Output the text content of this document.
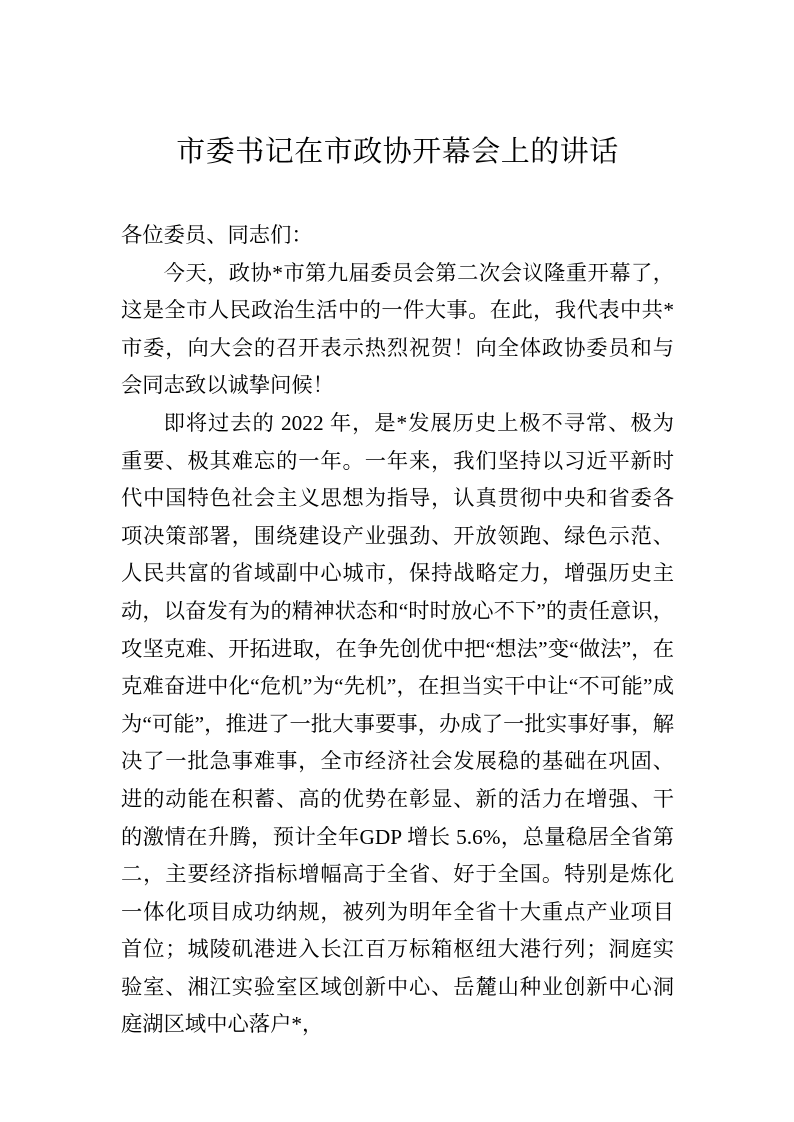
市委书记在市政协开幕会上的讲话

各位委员、同志们：

今天，政协*市第九届委员会第二次会议隆重开幕了，这是全市人民政治生活中的一件大事。在此，我代表中共*市委，向大会的召开表示热烈祝贺！向全体政协委员和与会同志致以诚挚问候！

即将过去的 2022 年，是*发展历史上极不寻常、极为重要、极其难忘的一年。一年来，我们坚持以习近平新时代中国特色社会主义思想为指导，认真贯彻中央和省委各项决策部署，围绕建设产业强劲、开放领跑、绿色示范、人民共富的省域副中心城市，保持战略定力，增强历史主动，以奋发有为的精神状态和“时时放心不下”的责任意识，攻坚克难、开拓进取，在争先创优中把“想法”变“做法”，在克难奋进中化“危机”为“先机”，在担当实干中让“不可能”成为“可能”，推进了一批大事要事，办成了一批实事好事，解决了一批急事难事，全市经济社会发展稳的基础在巩固、进的动能在积蓄、高的优势在彰显、新的活力在增强、干的激情在升腾，预计全年GDP 增长 5.6%，总量稳居全省第二，主要经济指标增幅高于全省、好于全国。特别是炼化一体化项目成功纳规，被列为明年全省十大重点产业项目首位；城陵矶港进入长江百万标箱枢纽大港行列；洞庭实验室、湘江实验室区域创新中心、岳麓山种业创新中心洞庭湖区域中心落户*，
